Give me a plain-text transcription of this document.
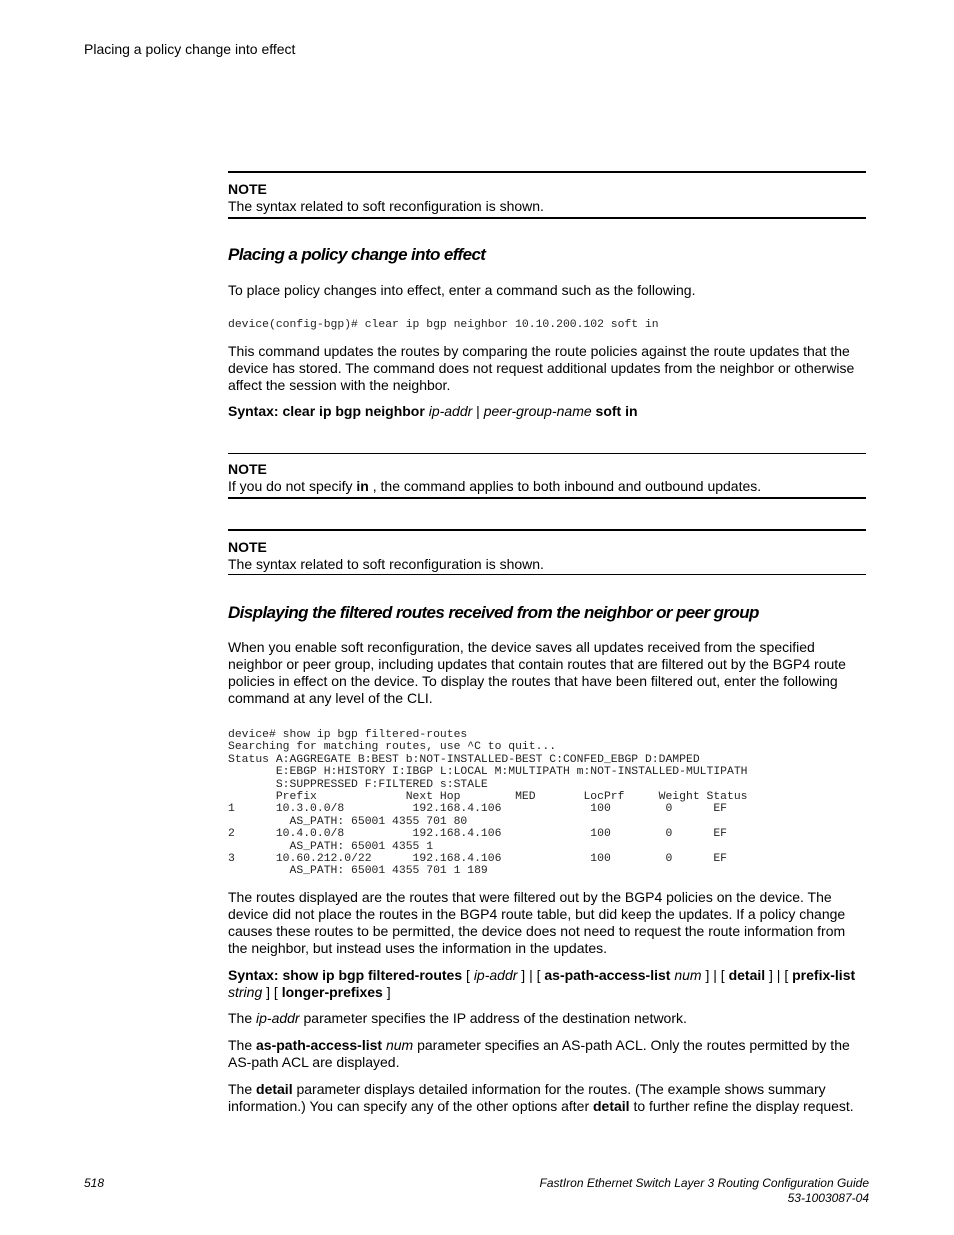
Placing a policy change into effect
NOTE
The syntax related to soft reconfiguration is shown.
Placing a policy change into effect
To place policy changes into effect, enter a command such as the following.
device(config-bgp)# clear ip bgp neighbor 10.10.200.102 soft in
This command updates the routes by comparing the route policies against the route updates that the device has stored. The command does not request additional updates from the neighbor or otherwise affect the session with the neighbor.
Syntax: clear ip bgp neighbor ip-addr | peer-group-name soft in
NOTE
If you do not specify in , the command applies to both inbound and outbound updates.
NOTE
The syntax related to soft reconfiguration is shown.
Displaying the filtered routes received from the neighbor or peer group
When you enable soft reconfiguration, the device saves all updates received from the specified neighbor or peer group, including updates that contain routes that are filtered out by the BGP4 route policies in effect on the device. To display the routes that have been filtered out, enter the following command at any level of the CLI.
device# show ip bgp filtered-routes
Searching for matching routes, use ^C to quit...
Status A:AGGREGATE B:BEST b:NOT-INSTALLED-BEST C:CONFED_EBGP D:DAMPED
E:EBGP H:HISTORY I:IBGP L:LOCAL M:MULTIPATH m:NOT-INSTALLED-MULTIPATH
S:SUPPRESSED F:FILTERED s:STALE
Prefix             Next Hop        MED       LocPrf     Weight Status
1      10.3.0.0/8          192.168.4.106             100        0      EF
AS_PATH: 65001 4355 701 80
2      10.4.0.0/8          192.168.4.106             100        0      EF
AS_PATH: 65001 4355 1
3      10.60.212.0/22      192.168.4.106             100        0      EF
AS_PATH: 65001 4355 701 1 189
The routes displayed are the routes that were filtered out by the BGP4 policies on the device. The device did not place the routes in the BGP4 route table, but did keep the updates. If a policy change causes these routes to be permitted, the device does not need to request the route information from the neighbor, but instead uses the information in the updates.
Syntax: show ip bgp filtered-routes [ ip-addr ] | [ as-path-access-list num ] | [ detail ] | [ prefix-list string ] [ longer-prefixes ]
The ip-addr parameter specifies the IP address of the destination network.
The as-path-access-list num parameter specifies an AS-path ACL. Only the routes permitted by the AS-path ACL are displayed.
The detail parameter displays detailed information for the routes. (The example shows summary information.) You can specify any of the other options after detail to further refine the display request.
518	FastIron Ethernet Switch Layer 3 Routing Configuration Guide
53-1003087-04
